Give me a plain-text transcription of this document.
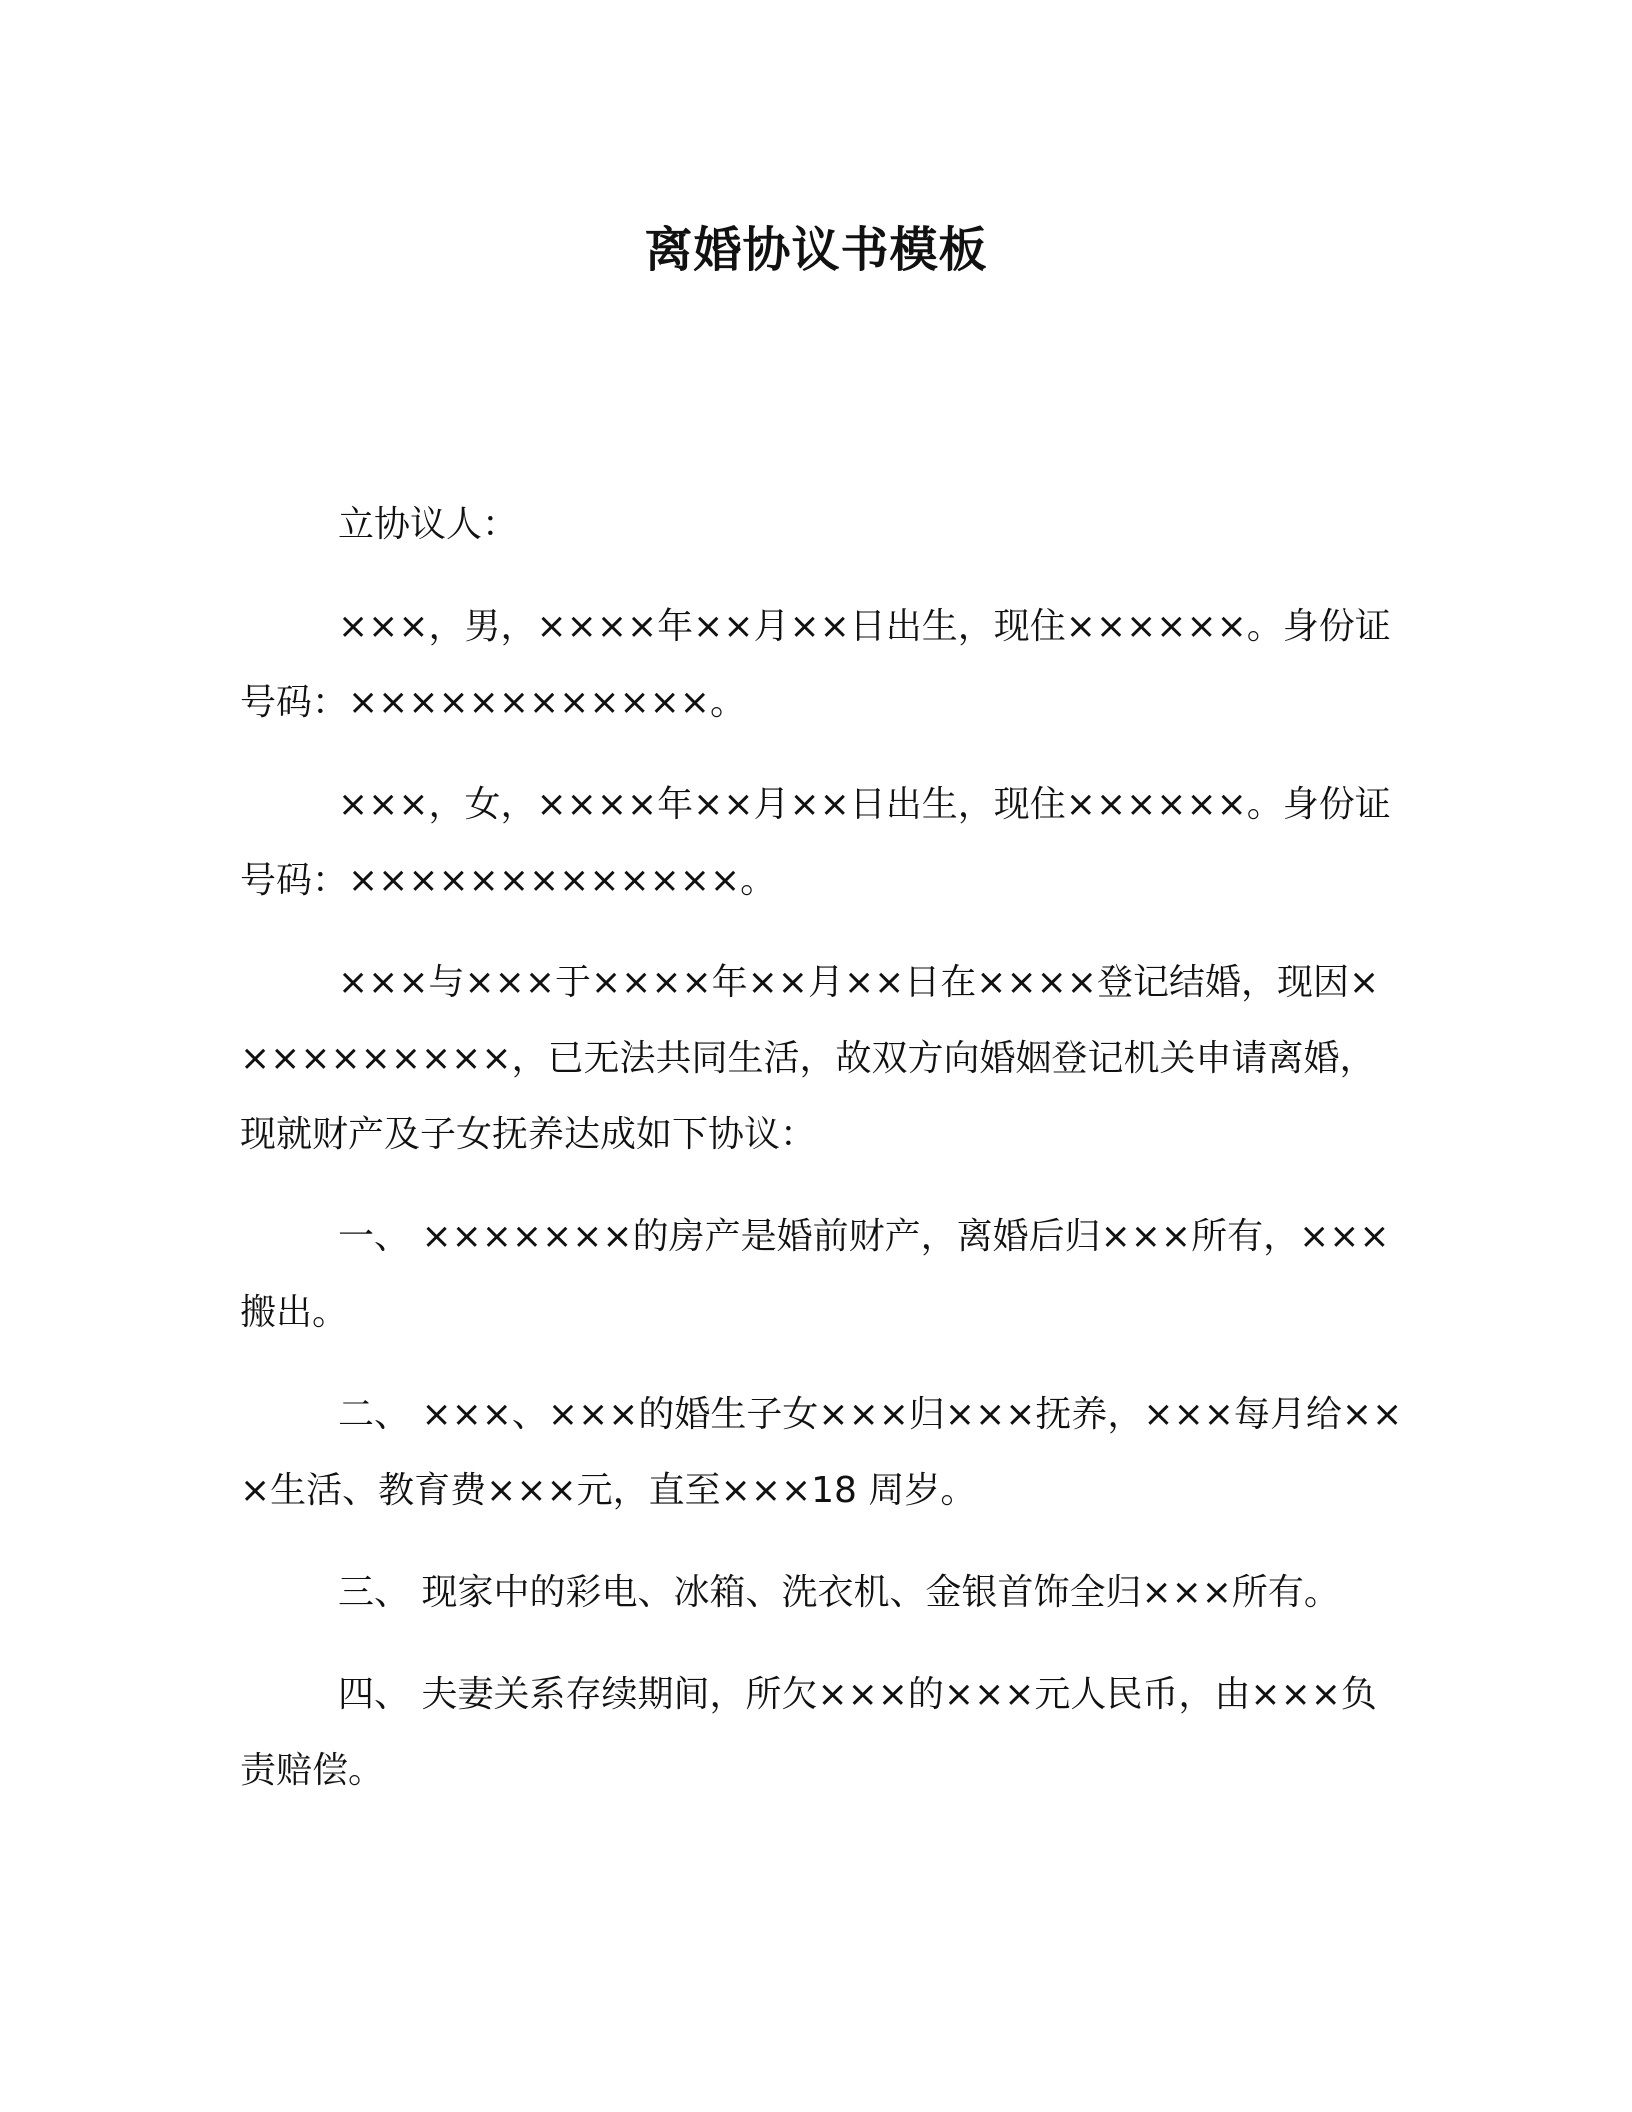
离婚协议书模板

立协议人：

×××，男，××××年××月××日出生，现住××××××。身份证号码：××××××××××××。

×××，女，××××年××月××日出生，现住××××××。身份证号码：×××××××××××××。

×××与×××于××××年××月××日在××××登记结婚，现因××××××××××，已无法共同生活，故双方向婚姻登记机关申请离婚，现就财产及子女抚养达成如下协议：

一、 ×××××××的房产是婚前财产，离婚后归×××所有，×××搬出。

二、 ×××、×××的婚生子女×××归×××抚养，×××每月给×××生活、教育费×××元，直至×××18 周岁。

三、 现家中的彩电、冰箱、洗衣机、金银首饰全归×××所有。

四、 夫妻关系存续期间，所欠×××的×××元人民币，由×××负责赔偿。
